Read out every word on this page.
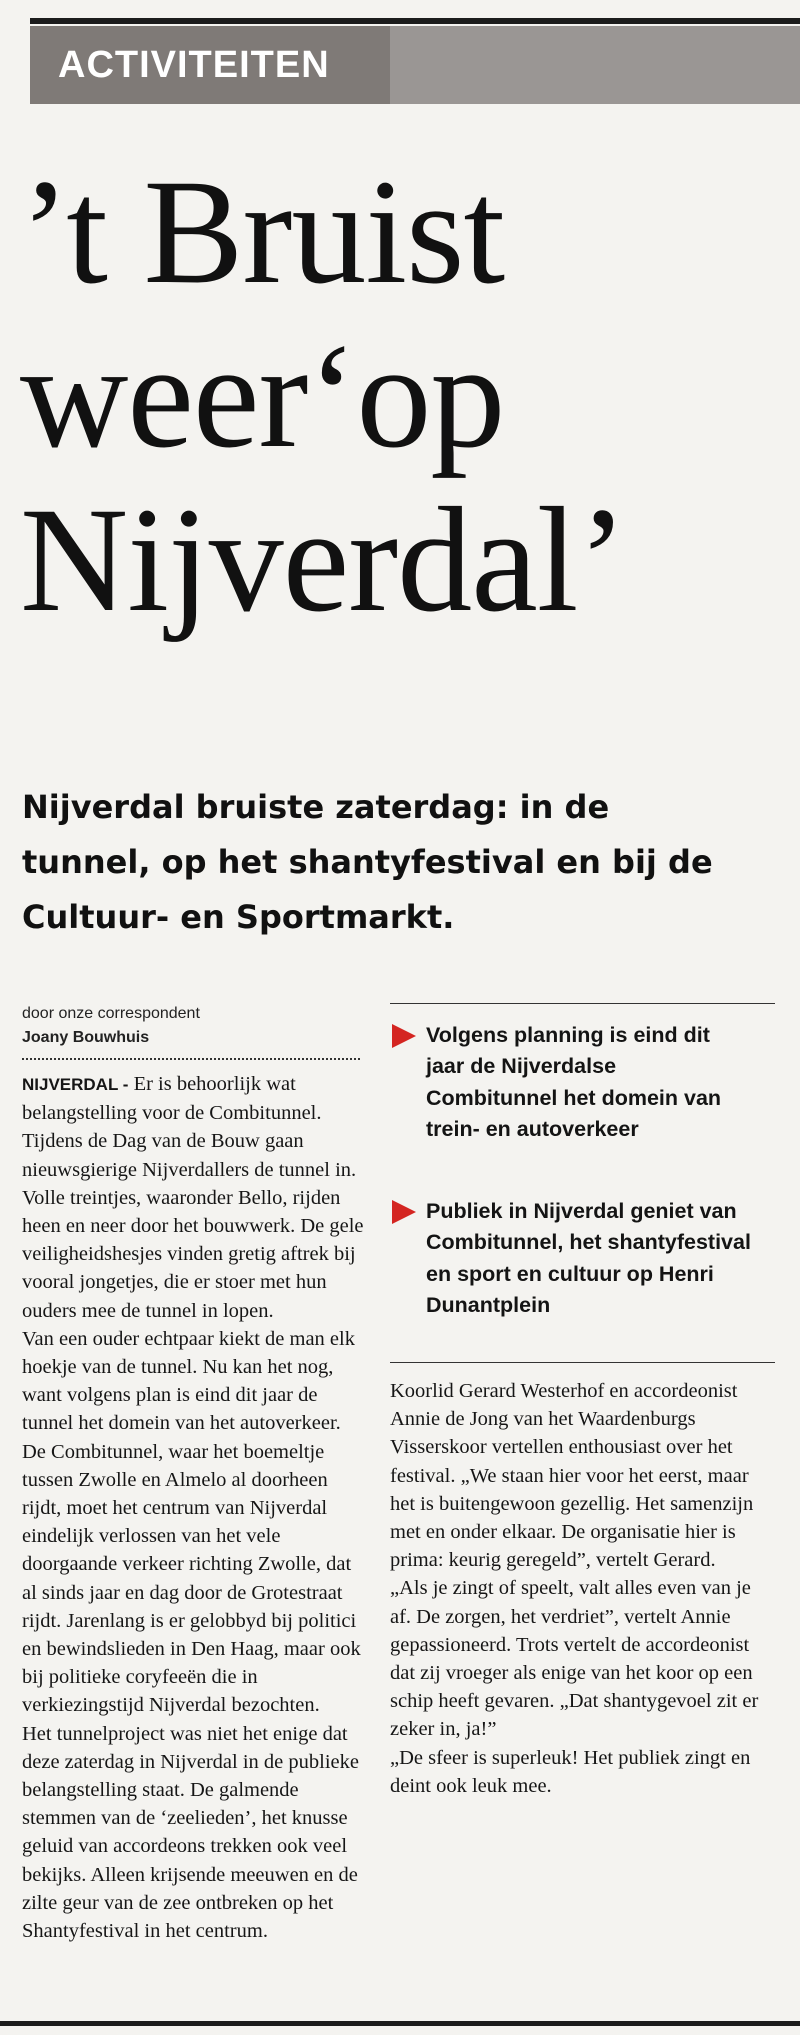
ACTIVITEITEN
’t Bruist
weer‘op
Nijverdal’
Nijverdal bruiste zaterdag: in de tunnel, op het shantyfestival en bij de Cultuur- en Sportmarkt.
door onze correspondent
Joany Bouwhuis

NIJVERDAL - Er is behoorlijk wat belangstelling voor de Combitunnel. Tijdens de Dag van de Bouw gaan nieuwsgierige Nijverdallers de tunnel in. Volle treintjes, waaronder Bello, rijden heen en neer door het bouwwerk. De gele veiligheidshesjes vinden gretig aftrek bij vooral jongetjes, die er stoer met hun ouders mee de tunnel in lopen.

Van een ouder echtpaar kiekt de man elk hoekje van de tunnel. Nu kan het nog, want volgens plan is eind dit jaar de tunnel het domein van het autoverkeer. De Combitunnel, waar het boemeltje tussen Zwolle en Almelo al doorheen rijdt, moet het centrum van Nijverdal eindelijk verlossen van het vele doorgaande verkeer richting Zwolle, dat al sinds jaar en dag door de Grotestraat rijdt. Jarenlang is er gelobbyd bij politici en bewindslieden in Den Haag, maar ook bij politieke coryfeeën die in verkiezingstijd Nijverdal bezochten.

Het tunnelproject was niet het enige dat deze zaterdag in Nijverdal in de publieke belangstelling staat. De galmende stemmen van de ‘zeelieden’, het knusse geluid van accordeons trekken ook veel bekijks. Alleen krijsende meeuwen en de zilte geur van de zee ontbreken op het Shantyfestival in het centrum.

Volgens planning is eind dit jaar de Nijverdalse Combitunnel het domein van trein- en autoverkeer
Publiek in Nijverdal geniet van Combitunnel, het shantyfestival en sport en cultuur op Henri Dunantplein

Koorlid Gerard Westerhof en accordeonist Annie de Jong van het Waardenburgs Visserskoor vertellen enthousiast over het festival. „We staan hier voor het eerst, maar het is buitengewoon gezellig. Het samenzijn met en onder elkaar. De organisatie hier is prima: keurig geregeld”, vertelt Gerard.

„Als je zingt of speelt, valt alles even van je af. De zorgen, het verdriet”, vertelt Annie gepassioneerd. Trots vertelt de accordeonist dat zij vroeger als enige van het koor op een schip heeft gevaren. „Dat shantygevoel zit er zeker in, ja!”

„De sfeer is superleuk! Het publiek zingt en deint ook leuk mee.
